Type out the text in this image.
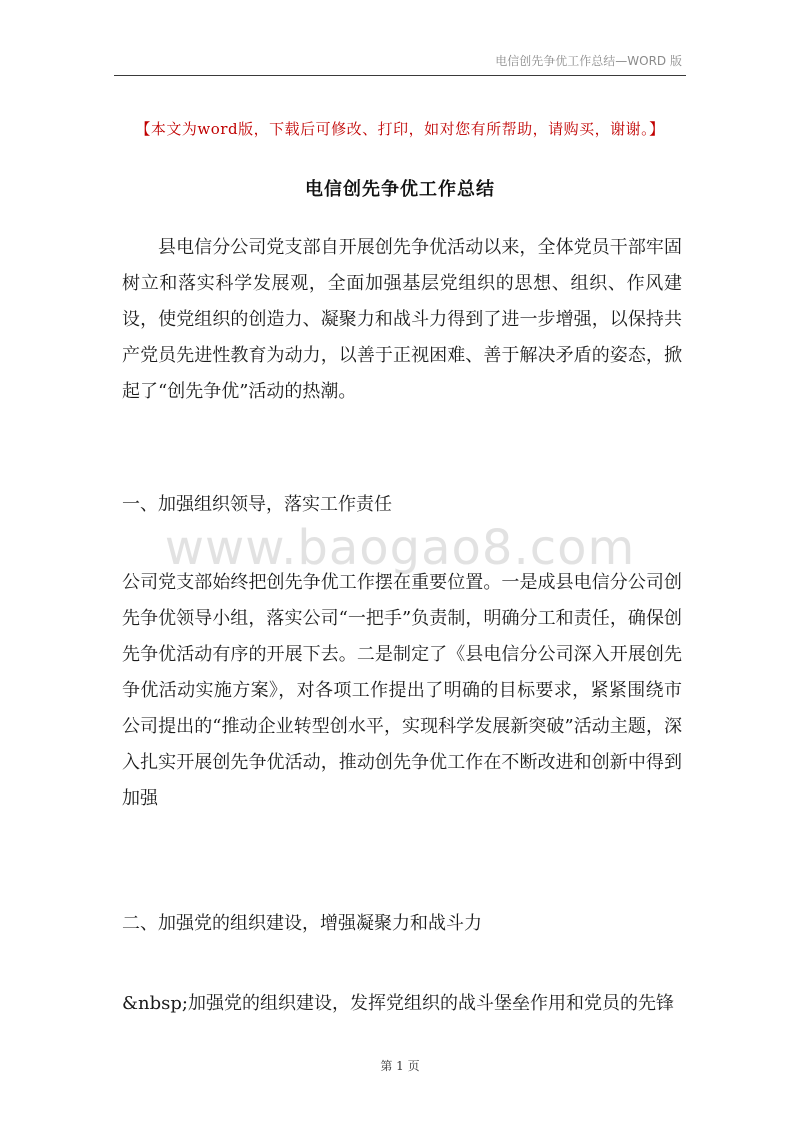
电信创先争优工作总结—WORD 版
【本文为word版，下载后可修改、打印，如对您有所帮助，请购买，谢谢。】
电信创先争优工作总结

县电信分公司党支部自开展创先争优活动以来，全体党员干部牢固树立和落实科学发展观，全面加强基层党组织的思想、组织、作风建设，使党组织的创造力、凝聚力和战斗力得到了进一步增强，以保持共产党员先进性教育为动力，以善于正视困难、善于解决矛盾的姿态，掀起了“创先争优”活动的热潮。

一、加强组织领导，落实工作责任

www.baogao8.com

公司党支部始终把创先争优工作摆在重要位置。一是成县电信分公司创先争优领导小组，落实公司“一把手”负责制，明确分工和责任，确保创先争优活动有序的开展下去。二是制定了《县电信分公司深入开展创先争优活动实施方案》，对各项工作提出了明确的目标要求，紧紧围绕市公司提出的“推动企业转型创水平，实现科学发展新突破”活动主题，深入扎实开展创先争优活动，推动创先争优工作在不断改进和创新中得到加强

二、加强党的组织建设，增强凝聚力和战斗力

&nbsp;加强党的组织建设，发挥党组织的战斗堡垒作用和党员的先锋

第 1 页
